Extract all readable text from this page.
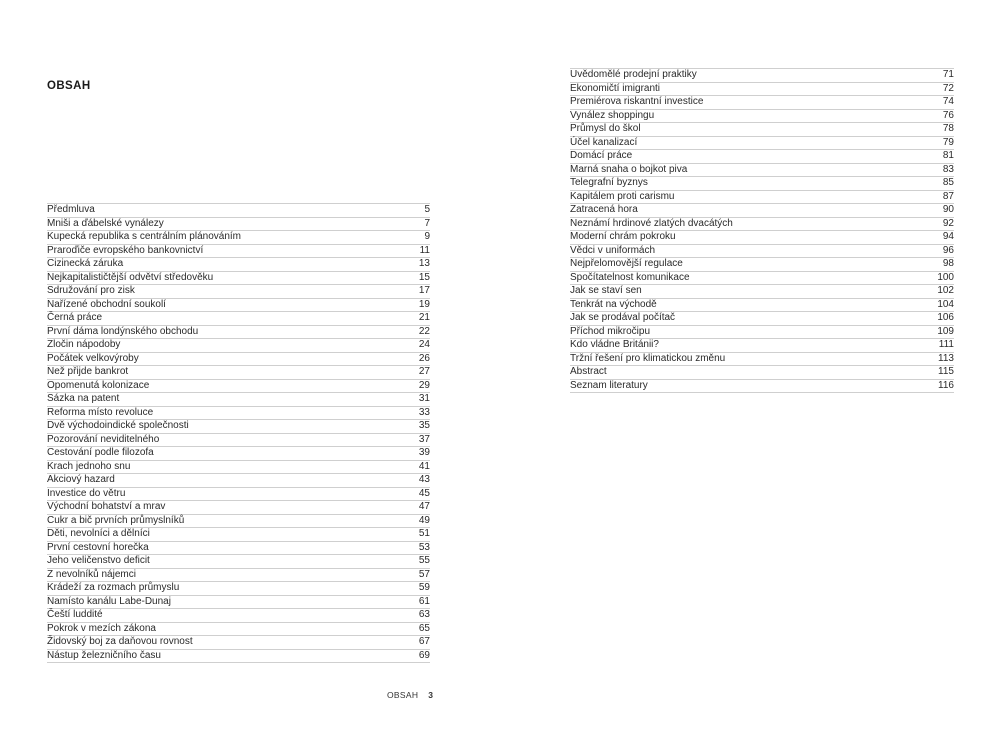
OBSAH
Předmluva	5
Mniši a ďábelské vynálezy	7
Kupecká republika s centrálním plánováním	9
Praroďiče evropského bankovnictví	11
Cizinecká záruka	13
Nejkapitalističtější odvětví středověku	15
Sdružování pro zisk	17
Nařízené obchodní soukolí	19
Černá práce	21
První dáma londýnského obchodu	22
Zločin nápodoby	24
Počátek velkovýroby	26
Než přijde bankrot	27
Opomenutá kolonizace	29
Sázka na patent	31
Reforma místo revoluce	33
Dvě východoindické společnosti	35
Pozorování neviditelného	37
Cestování podle filozofa	39
Krach jednoho snu	41
Akciový hazard	43
Investice do větru	45
Východní bohatství a mrav	47
Cukr a bič prvních průmyslníků	49
Děti, nevolníci a dělníci	51
První cestovní horečka	53
Jeho veličenstvo deficit	55
Z nevolníků nájemci	57
Krádeží za rozmach průmyslu	59
Namísto kanálu Labe-Dunaj	61
Čeští luddité	63
Pokrok v mezích zákona	65
Židovský boj za daňovou rovnost	67
Nástup železničního času	69
Uvědomělé prodejní praktiky	71
Ekonomičtí imigranti	72
Premiérova riskantní investice	74
Vynález shoppingu	76
Průmysl do škol	78
Účel kanalizací	79
Domácí práce	81
Marná snaha o bojkot piva	83
Telegrafní byznys	85
Kapitálem proti carismu	87
Zatracená hora	90
Neznámí hrdinové zlatých dvacátých	92
Moderní chrám pokroku	94
Vědci v uniformách	96
Nejpřelomovější regulace	98
Spočítatelnost komunikace	100
Jak se staví sen	102
Tenkrát na východě	104
Jak se prodával počítač	106
Příchod mikročipu	109
Kdo vládne Británii?	111
Tržní řešení pro klimatickou změnu	113
Abstract	115
Seznam literatury	116
OBSAH 3
